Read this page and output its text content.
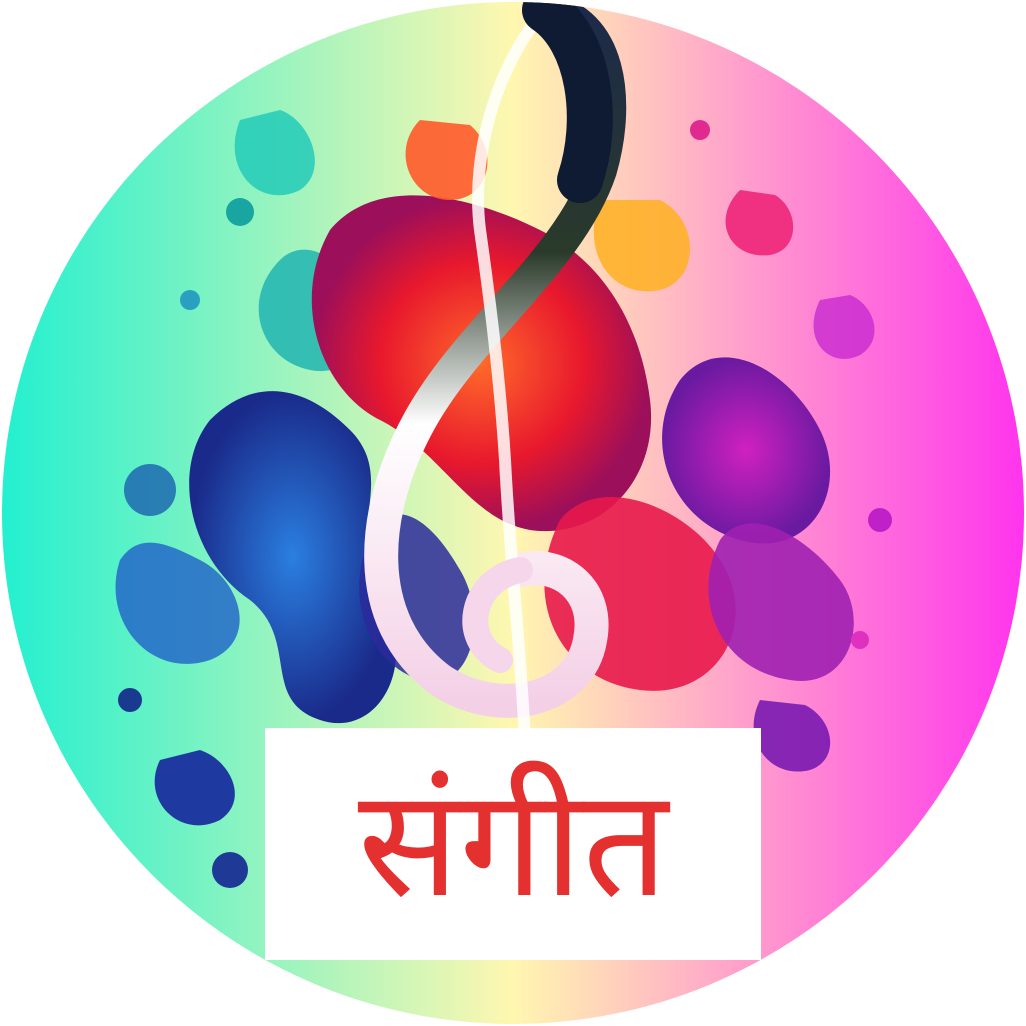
संगीत
